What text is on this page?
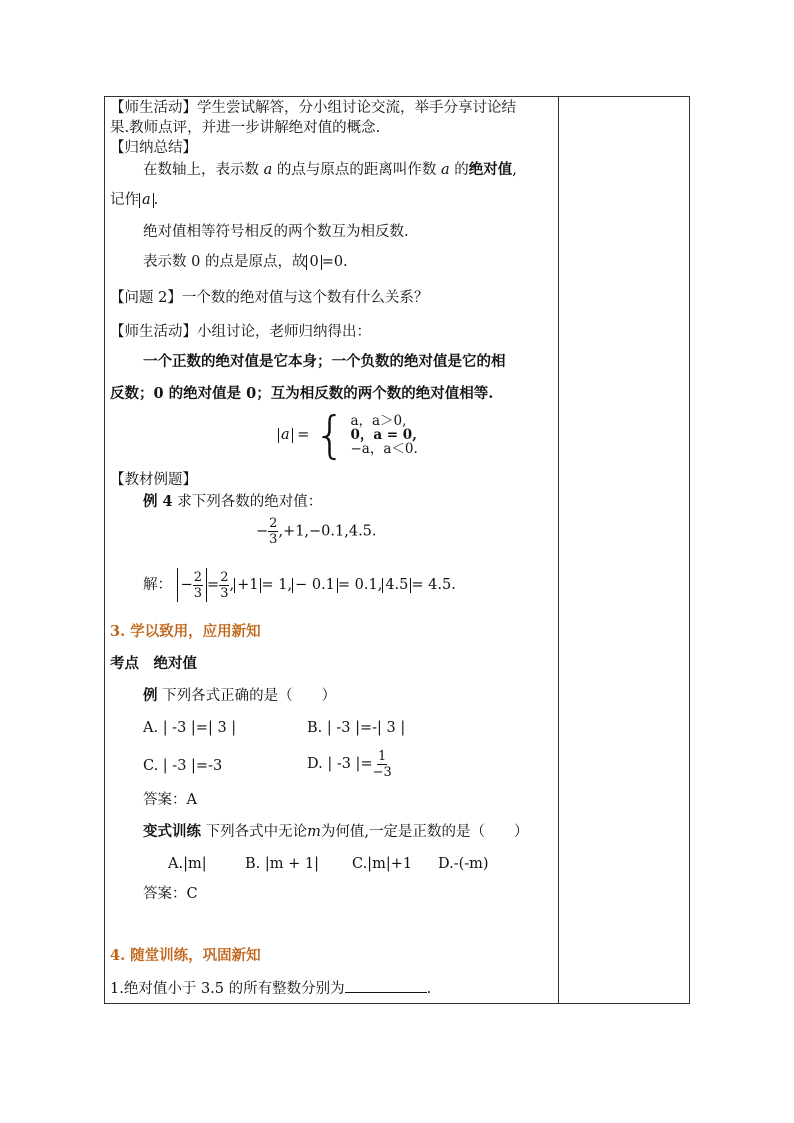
【师生活动】学生尝试解答，分小组讨论交流，举手分享讨论结
果.教师点评，并进一步讲解绝对值的概念.
【归纳总结】
在数轴上，表示数 a 的点与原点的距离叫作数 a 的绝对值,
记作 a .
绝对值相等符号相反的两个数互为相反数.
表示数 0 的点是原点，故 0 =0.
【问题 2】一个数的绝对值与这个数有什么关系？
【师生活动】小组讨论，老师归纳得出：
一个正数的绝对值是它本身；一个负数的绝对值是它的相
反数；0 的绝对值是 0；互为相反数的两个数的绝对值相等.
a = { a，a＞0,
0，a = 0,
−a，a＜0.
【教材例题】
例 4 求下列各数的绝对值：
− $\frac{2}{3} ,+1,-0.1,4.5$.
解： − $\frac{2}{3} = \frac{2}{3}$ , +1 = 1, − 0.1 = 0.1, 4.5 = 4.5.
3. 学以致用，应用新知
考点　绝对值
例 下列各式正确的是（　　）
A. | -3 |=| 3 |	B. | -3 |=-| 3 |
C. | -3 |=-3	D. | -3 |= $\frac{1}{-3}$
答案：A
变式训练 下列各式中无论m为何值,一定是正数的是（　　）
A.|m|	B. |m + 1| C.|m|+1 D.-(-m)
答案：C
4. 随堂训练，巩固新知
1.绝对值小于 3.5 的所有整数分别为	.
